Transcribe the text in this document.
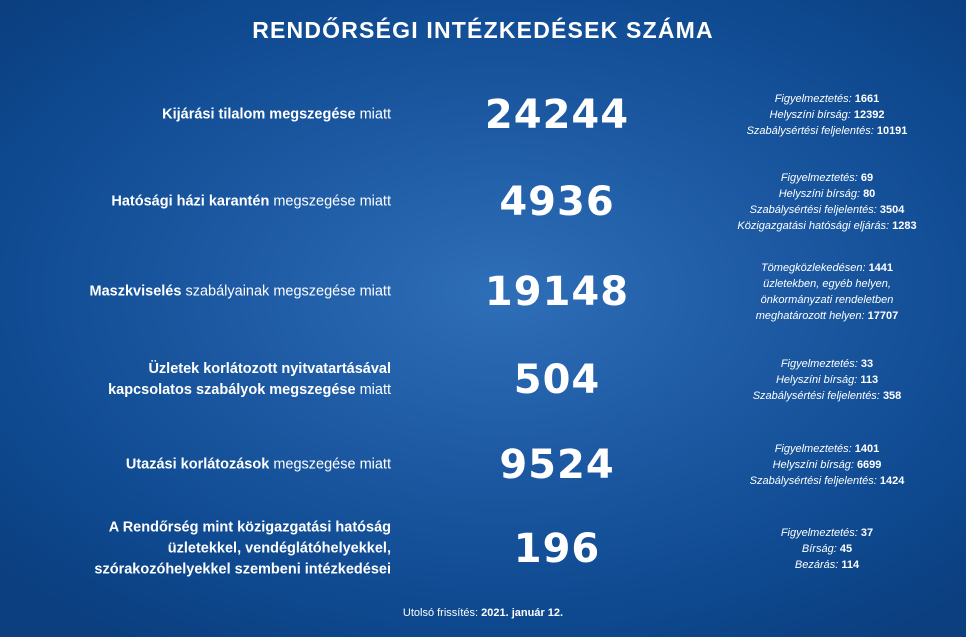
RENDŐRSÉGI INTÉZKEDÉSEK SZÁMA
Kijárási tilalom megszegése miatt	24244	Figyelmeztetés: 1661
Helyszíni bírság: 12392
Szabálysértési feljelentés: 10191
Hatósági házi karantén megszegése miatt	4936
Figyelmeztetés: 69
Helyszíni bírság: 80
Szabálysértési feljelentés: 3504
Közigazgatási hatósági eljárás: 1283
Maszkviselés szabályainak megszegése miatt	19148
Tömegközlekedésen: 1441
üzletekben, egyéb helyen,
önkormányzati rendeletben
meghatározott helyen: 17707
Üzletek korlátozott nyitvatartásával kapcsolatos szabályok megszegése miatt	504	Figyelmeztetés: 33
Helyszíni bírság: 113
Szabálysértési feljelentés: 358
Utazási korlátozások megszegése miatt	9524	Figyelmeztetés: 1401
Helyszíni bírság: 6699
Szabálysértési feljelentés: 1424
A Rendőrség mint közigazgatási hatóság üzletekkel, vendéglátóhelyekkel, szórakozóhelyekkel szembeni intézkedései	196	Figyelmeztetés: 37
Bírság: 45
Bezárás: 114
Utolsó frissítés: 2021. január 12.
